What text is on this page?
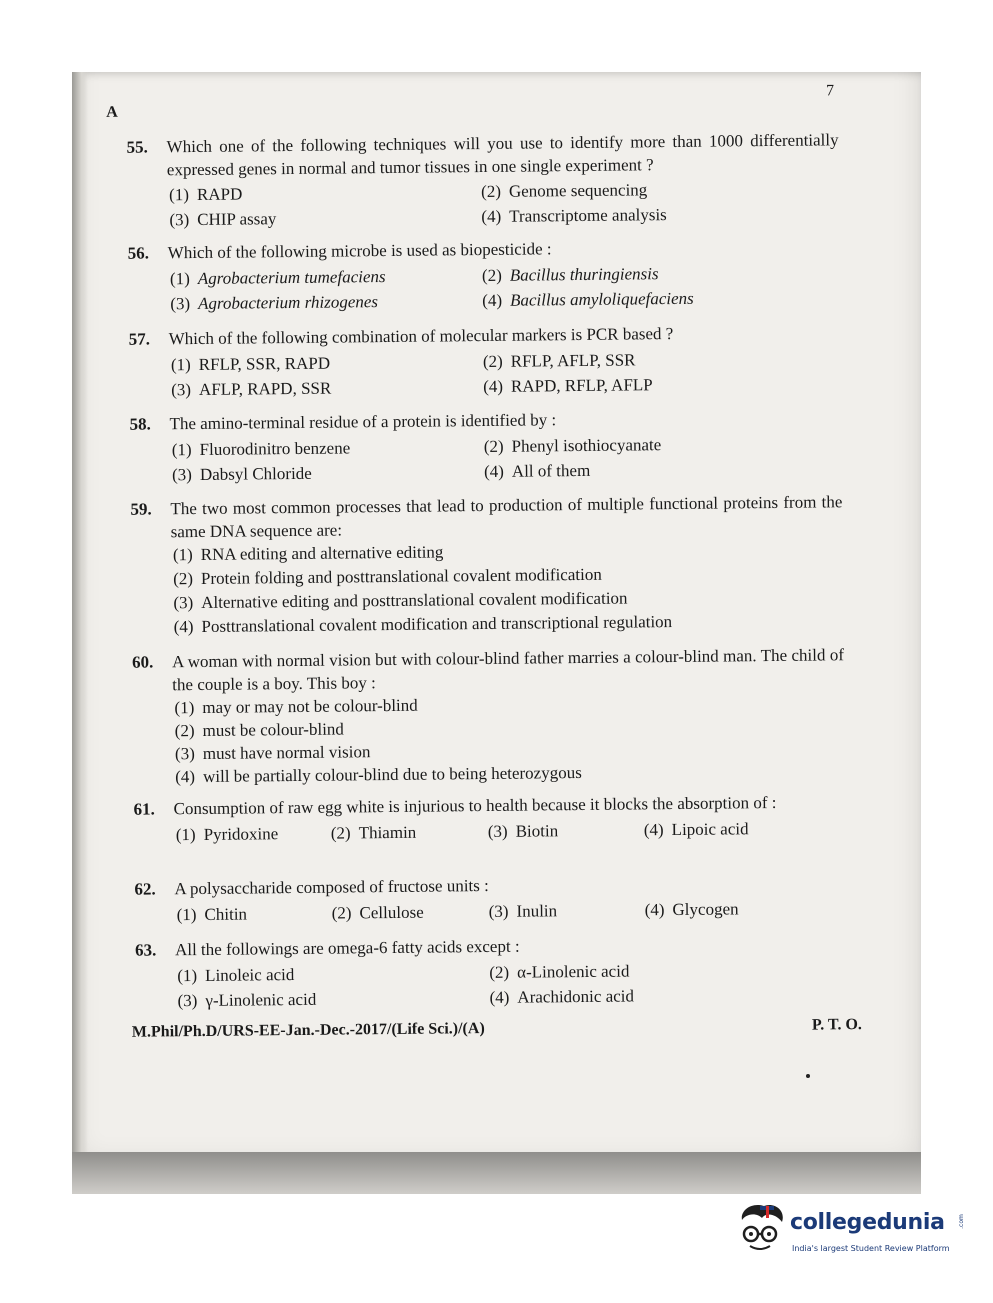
A
7
55. Which one of the following techniques will you use to identify more than 1000 differentially expressed genes in normal and tumor tissues in one single experiment ?
(1) RAPD	(2) Genome sequencing
(3) CHIP assay	(4) Transcriptome analysis
56. Which of the following microbe is used as biopesticide :
(1) Agrobacterium tumefaciens	(2) Bacillus thuringiensis
(3) Agrobacterium rhizogenes	(4) Bacillus amyloliquefaciens
57. Which of the following combination of molecular markers is PCR based ?
(1) RFLP, SSR, RAPD	(2) RFLP, AFLP, SSR
(3) AFLP, RAPD, SSR	(4) RAPD, RFLP, AFLP
58. The amino-terminal residue of a protein is identified by :
(1) Fluorodinitro benzene	(2) Phenyl isothiocyanate
(3) Dabsyl Chloride	(4) All of them
59. The two most common processes that lead to production of multiple functional proteins from the same DNA sequence are:
(1) RNA editing and alternative editing
(2) Protein folding and posttranslational covalent modification
(3) Alternative editing and posttranslational covalent modification
(4) Posttranslational covalent modification and transcriptional regulation
60. A woman with normal vision but with colour-blind father marries a colour-blind man. The child of the couple is a boy. This boy :
(1) may or may not be colour-blind
(2) must be colour-blind
(3) must have normal vision
(4) will be partially colour-blind due to being heterozygous
61. Consumption of raw egg white is injurious to health because it blocks the absorption of :
(1) Pyridoxine	(2) Thiamin	(3) Biotin	(4) Lipoic acid
62. A polysaccharide composed of fructose units :
(1) Chitin	(2) Cellulose	(3) Inulin	(4) Glycogen
63. All the followings are omega-6 fatty acids except :
(1) Linoleic acid	(2) α-Linolenic acid
(3) γ-Linolenic acid	(4) Arachidonic acid
M.Phil/Ph.D/URS-EE-Jan.-Dec.-2017/(Life Sci.)/(A)	P. T. O.
collegedunia .com
India's largest Student Review Platform
